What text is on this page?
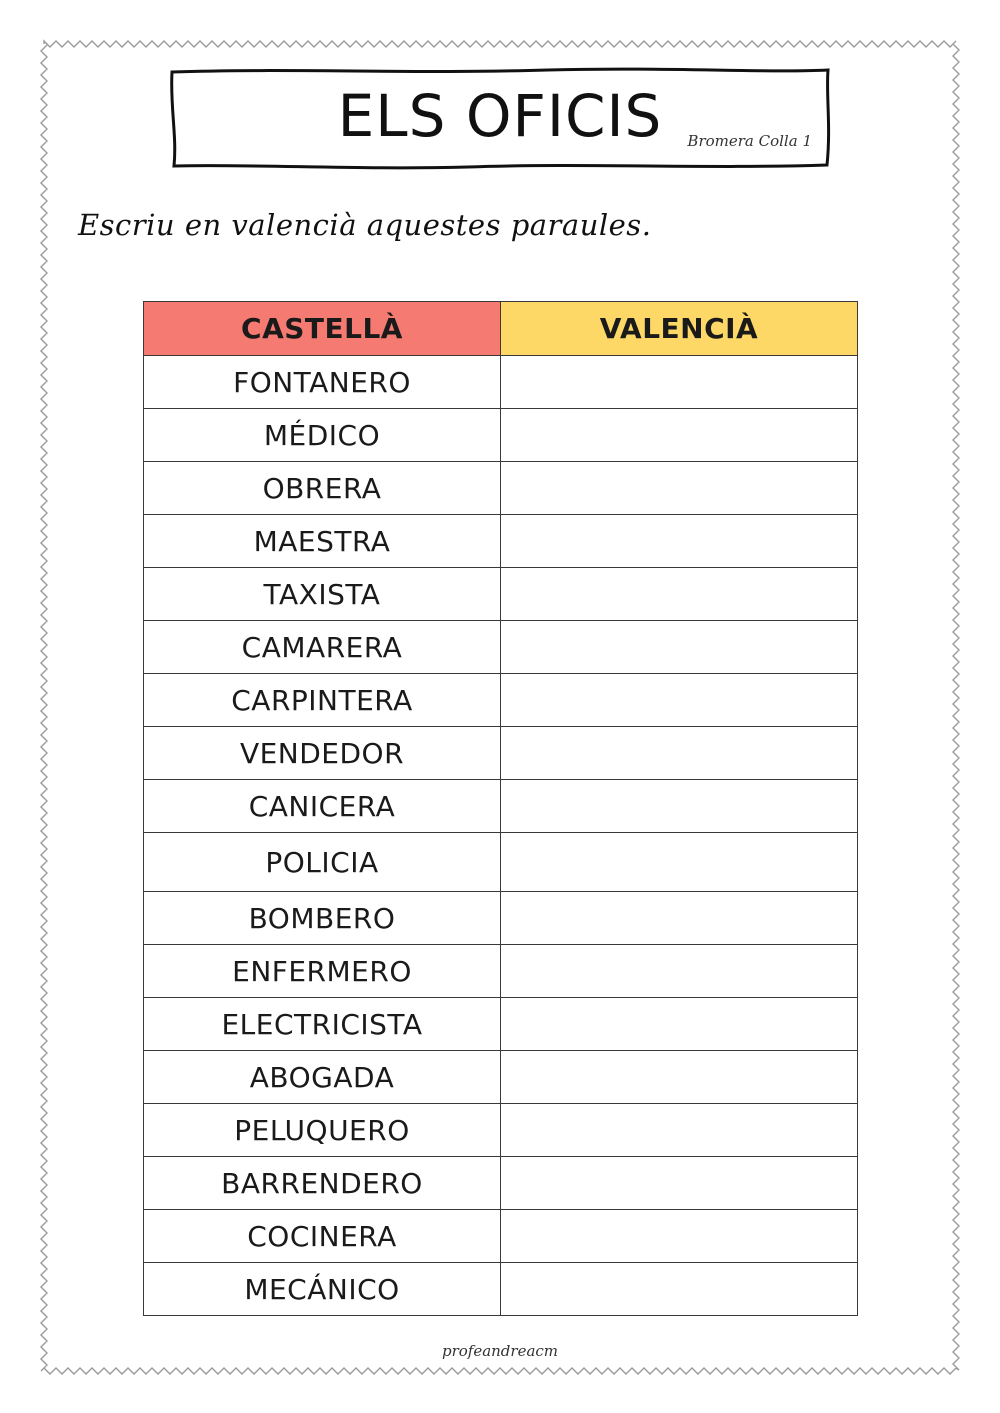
ELS OFICIS	Bromera Colla 1
Escriu en valencià aquestes paraules.
CASTELLÀ	VALENCIÀ
FONTANERO	
MÉDICO	
OBRERA	
MAESTRA	
TAXISTA	
CAMARERA	
CARPINTERA	
VENDEDOR	
CANICERA	
POLICIA	
BOMBERO	
ENFERMERO	
ELECTRICISTA	
ABOGADA	
PELUQUERO	
BARRENDERO	
COCINERA	
MECÁNICO	
profeandreacm
